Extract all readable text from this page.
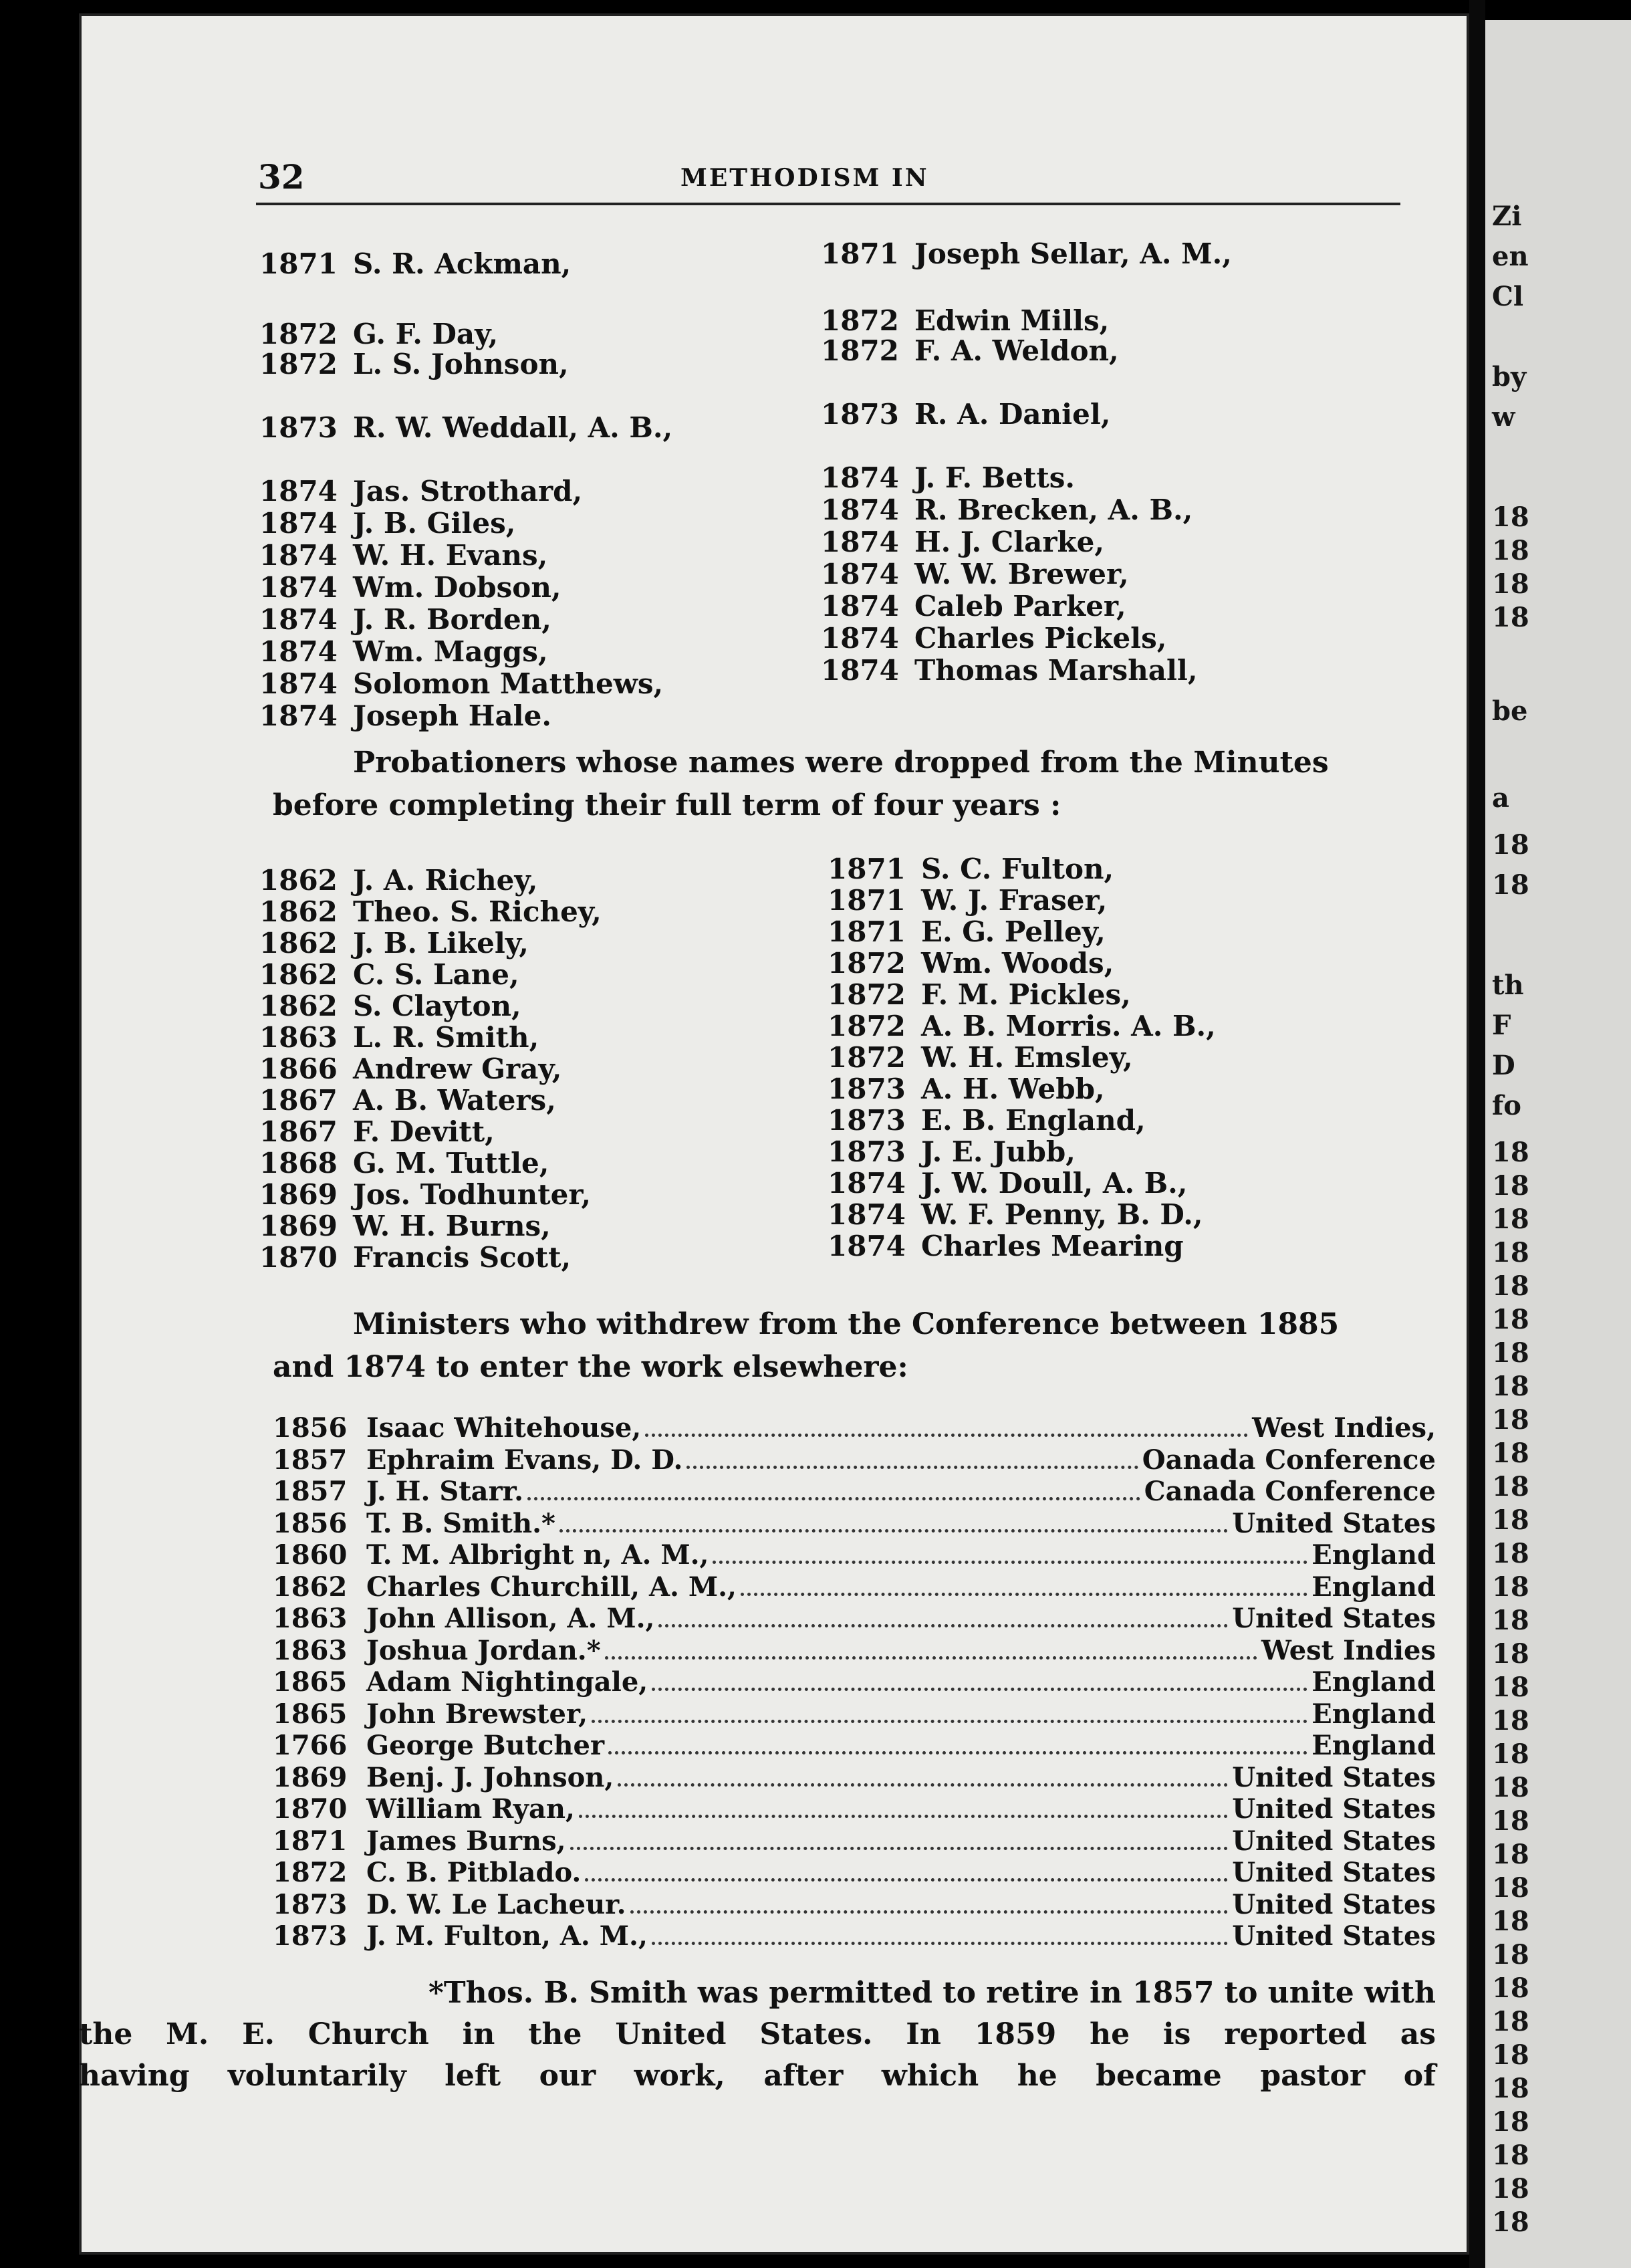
32	METHODISM IN
1871 S. R. Ackman,
1872 G. F. Day,
1872 L. S. Johnson,
1873 R. W. Weddall, A. B.,
1874 Jas. Strothard,
1874 J. B. Giles,
1874 W. H. Evans,
1874 Wm. Dobson,
1874 J. R. Borden,
1874 Wm. Maggs,
1874 Solomon Matthews,
1874 Joseph Hale.
1871 Joseph Sellar, A. M.,
1872 Edwin Mills,
1872 F. A. Weldon,
1873 R. A. Daniel,
1874 J. F. Betts.
1874 R. Brecken, A. B.,
1874 H. J. Clarke,
1874 W. W. Brewer,
1874 Caleb Parker,
1874 Charles Pickels,
1874 Thomas Marshall,
Probationers whose names were dropped from the Minutes
before completing their full term of four years :
1862 J. A. Richey,
1862 Theo. S. Richey,
1862 J. B. Likely,
1862 C. S. Lane,
1862 S. Clayton,
1863 L. R. Smith,
1866 Andrew Gray,
1867 A. B. Waters,
1867 F. Devitt,
1868 G. M. Tuttle,
1869 Jos. Todhunter,
1869 W. H. Burns,
1870 Francis Scott,
1871 S. C. Fulton,
1871 W. J. Fraser,
1871 E. G. Pelley,
1872 Wm. Woods,
1872 F. M. Pickles,
1872 A. B. Morris. A. B.,
1872 W. H. Emsley,
1873 A. H. Webb,
1873 E. B. England,
1873 J. E. Jubb,
1874 J. W. Doull, A. B.,
1874 W. F. Penny, B. D.,
1874 Charles Mearing
Ministers who withdrew from the Conference between 1885
and 1874 to enter the work elsewhere:
1856 Isaac Whitehouse,	West Indies,
1857 Ephraim Evans, D. D.	Oanada Conference
1857 J. H. Starr.	Canada Conference
1856 T. B. Smith.*	United States
1860 T. M. Albright n, A. M.,	England
1862 Charles Churchill, A. M.,	England
1863 John Allison, A. M.,	United States
1863 Joshua Jordan.*	West Indies
1865 Adam Nightingale,	England
1865 John Brewster,	England
1766 George Butcher	England
1869 Benj. J. Johnson,	United States
1870 William Ryan,	United States
1871 James Burns,	United States
1872 C. B. Pitblado.	United States
1873 D. W. Le Lacheur.	United States
1873 J. M. Fulton, A. M.,	United States
*Thos. B. Smith was permitted to retire in 1857 to unite with
the M. E. Church in the United States. In 1859 he is reported as
having voluntarily left our work, after which he became pastor of
Zi
en
Cl
by
w
18
18
18
18
be
a
18
18
th
F
D
fo
18
18
18
18
18
18
18
18
18
18
18
18
18
18
18
18
18
18
18
18
18
18
18
18
18
18
18
18
18
18
18
18
18
